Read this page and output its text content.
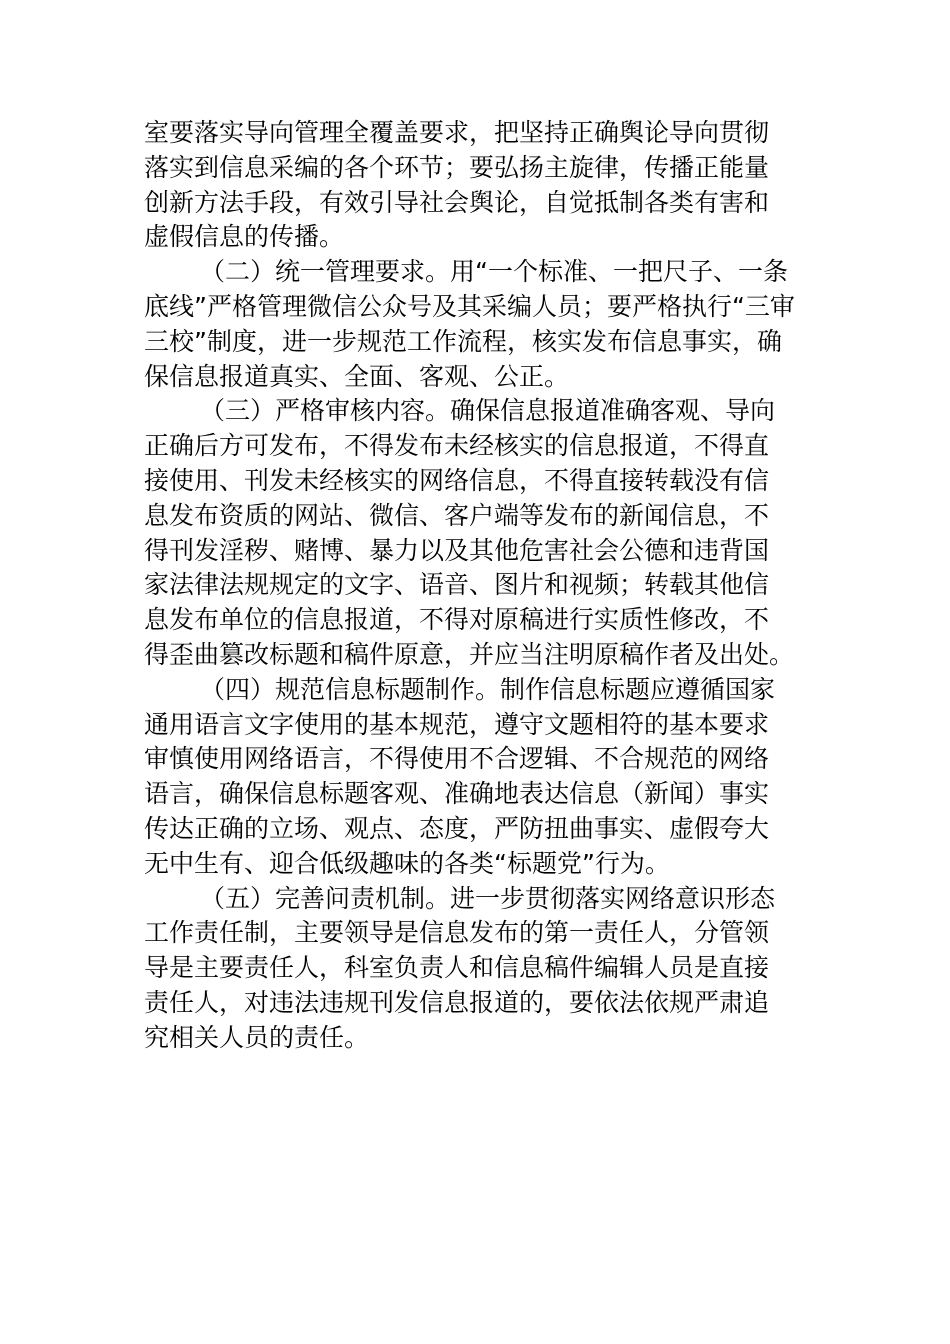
室要落实导向管理全覆盖要求，把坚持正确舆论导向贯彻
落实到信息采编的各个环节；要弘扬主旋律，传播正能量
创新方法手段，有效引导社会舆论，自觉抵制各类有害和
虚假信息的传播。
（二）统一管理要求。用“一个标准、一把尺子、一条
底线”严格管理微信公众号及其采编人员；要严格执行“三审
三校”制度，进一步规范工作流程，核实发布信息事实，确
保信息报道真实、全面、客观、公正。
（三）严格审核内容。确保信息报道准确客观、导向
正确后方可发布，不得发布未经核实的信息报道，不得直
接使用、刊发未经核实的网络信息，不得直接转载没有信
息发布资质的网站、微信、客户端等发布的新闻信息，不
得刊发淫秽、赌博、暴力以及其他危害社会公德和违背国
家法律法规规定的文字、语音、图片和视频；转载其他信
息发布单位的信息报道，不得对原稿进行实质性修改，不
得歪曲篡改标题和稿件原意，并应当注明原稿作者及出处。
（四）规范信息标题制作。制作信息标题应遵循国家
通用语言文字使用的基本规范，遵守文题相符的基本要求
审慎使用网络语言，不得使用不合逻辑、不合规范的网络
语言，确保信息标题客观、准确地表达信息（新闻）事实
传达正确的立场、观点、态度，严防扭曲事实、虚假夸大
无中生有、迎合低级趣味的各类“标题党”行为。
（五）完善问责机制。进一步贯彻落实网络意识形态
工作责任制，主要领导是信息发布的第一责任人，分管领
导是主要责任人，科室负责人和信息稿件编辑人员是直接
责任人，对违法违规刊发信息报道的，要依法依规严肃追
究相关人员的责任。
